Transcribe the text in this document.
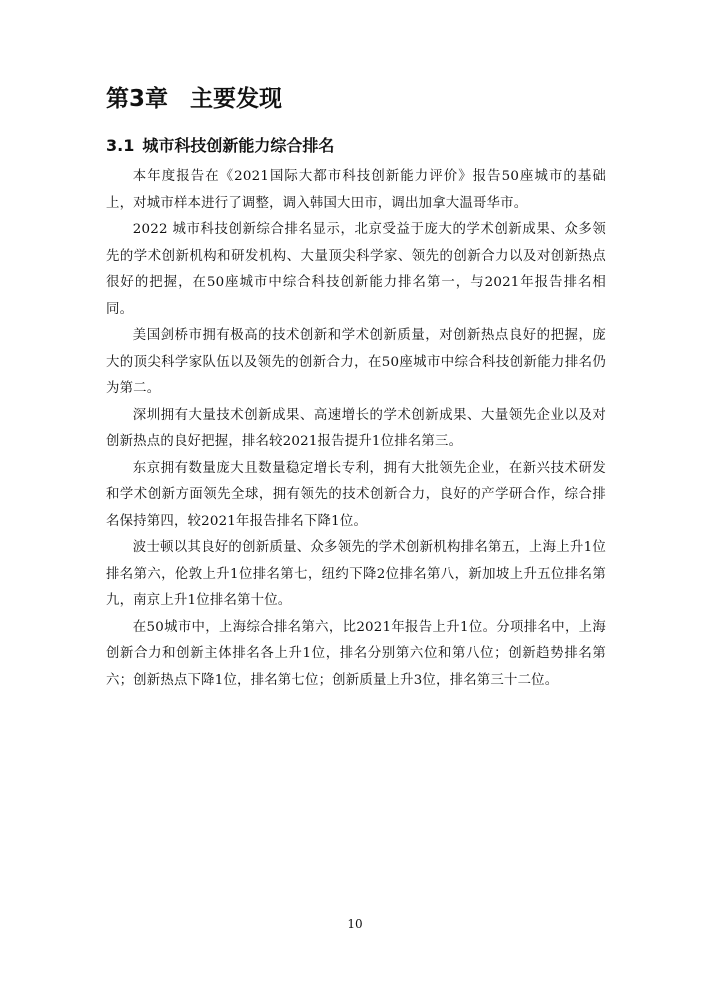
第3章 主要发现
3.1 城市科技创新能力综合排名

本年度报告在《2021国际大都市科技创新能力评价》报告50座城市的基础上，对城市样本进行了调整，调入韩国大田市，调出加拿大温哥华市。

2022 城市科技创新综合排名显示，北京受益于庞大的学术创新成果、众多领先的学术创新机构和研发机构、大量顶尖科学家、领先的创新合力以及对创新热点很好的把握，在50座城市中综合科技创新能力排名第一，与2021年报告排名相同。

美国剑桥市拥有极高的技术创新和学术创新质量，对创新热点良好的把握，庞大的顶尖科学家队伍以及领先的创新合力，在50座城市中综合科技创新能力排名仍为第二。

深圳拥有大量技术创新成果、高速增长的学术创新成果、大量领先企业以及对创新热点的良好把握，排名较2021报告提升1位排名第三。

东京拥有数量庞大且数量稳定增长专利，拥有大批领先企业，在新兴技术研发和学术创新方面领先全球，拥有领先的技术创新合力，良好的产学研合作，综合排名保持第四，较2021年报告排名下降1位。

波士顿以其良好的创新质量、众多领先的学术创新机构排名第五，上海上升1位排名第六，伦敦上升1位排名第七，纽约下降2位排名第八，新加坡上升五位排名第九，南京上升1位排名第十位。

在50城市中，上海综合排名第六，比2021年报告上升1位。分项排名中，上海创新合力和创新主体排名各上升1位，排名分别第六位和第八位；创新趋势排名第六；创新热点下降1位，排名第七位；创新质量上升3位，排名第三十二位。

10
